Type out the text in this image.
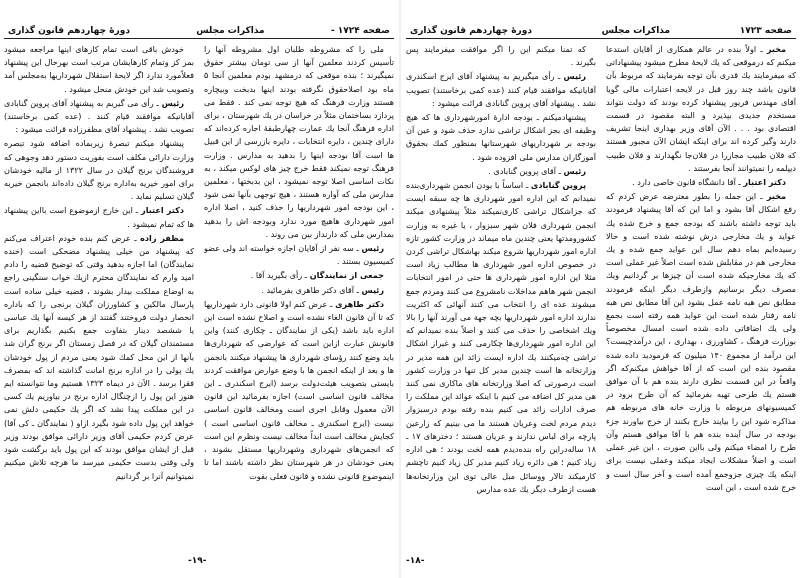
دورهٔ چهاردهم قانون گذاری	مذاکرات مجلس	صفحه ۱۷۲۴ -

ملی را که مشروطه طلبان اول مشروطه آنها را تأسیس کردند معلمین آنها از سی تومان بیشتر حقوق نمیگیرند ؛ بنده موقعی که درمشهد بودم معلمین آنجا ۵ ماه بود اصلاحقوق نگرفته بودند اینها بدبخت وبیچاره هستند وزارت فرهنگ که هیچ توجه نمی کند . فقط می پردازد بساختمان مثلاً در خراسان در یك شهرستان ، برای اداره فرهنگ آنجا یك عمارت چهارطبقهٔ اجاره کرده‌اند که دارای چندین ، دایره انتخابات ، دایره بازرسی از این قبیل ها است آقا بودجه اینها را بدهید به مدارس . وزارت فرهنگ توجه نمیکند فقط خرج چیز های لوکس میکند ، به نکات اساسی اصلا توجه نمیشود ، این بدبختها ، معلمین مدارس ملی که آواره هستند ، هیچ توجهی بآنها نمی شود ، این بودجه امور شهرداریها را حذف کنید ، اصلا اداره امور شهرداری هاهیچ مورد ندارد وبودجه اش را بدهید بمدارس ملی که دارنداز بین می روند .

رئیس ـ سه نفر از آقایان اجازه خواسته اند ولی عضو کمیسیون بستند .

جمعی از نمایندگان ـ رأی بگیرید آقا .

رئیس ـ آقای دکتر طاهری بفرمائید .

دکتر طاهری ـ عرض کنم اولا قانونی دارد شهرداریها که تا آن قانون الغاء نشده است و اصلاح نشده است این اداره باید باشد (یکی از نمایندگان ـ چکاری کنند) واین قانونش عبارت ازاین است که عوارضی که شهرداری‌ها باید وضع کنند رؤسای شهرداری ها پیشنهاد میکنند بانجمن ها و بعد از اینکه انجمن ها با وضع عوارض موافقت کردند بایستی بتصویب هیئت‌دولت برسد (ایرج اسکندری ـ این مخالف قانون اساسی است) اجازه بفرمائید این قانون الآن معمول وقابل اجری است ومخالف قانون اساسی نیست (ایرج اسکندری ـ مخالف قانون اساسی است ) کجایش مخالف است ابداً مخالف نیست ونظرم این است که انجمن‌های شهرداری وشهرداریها مستقل بشوند ، یعنی خودشان در هر شهرستان نظر داشته باشند اما تا اینموضوع قانونی نشده و قانون فعلی بقوت

خودش باقی است تمام کارهای اینها مراجعه میشود بمر کز وتمام کارهایشان مرتب است بهرحال این پیشنهاد فعلاًمورد ندارد اگر لایحهٔ استقلال شهرداریها به‌مجلس آمد وتصویب شد این خودش منحل میشود .

رئیس ـ رأی می گیریم به پیشنهاد آقای پروین گنابادی آقایانیکه موافقند قیام کنند . (عده کمی برخاستند) تصویب نشد . پیشنهاد آقای مظفرزاده قرائت میشود :

پیشنهاد میکنم تبصرهٔ زیربماده اضافه شود تبصره وزارت دارائی مکلف است بفوریت دستور دهد وجوهی که فروشندگان برنج گیلان در سال ۱۳۲۲ از مالیه خودشان برای امور خیریه به‌اداره برنج گیلان داده‌اند بانجمن خیریه گیلان تسلیم نماید .

دکتر اعتبار ـ این خارج ازموضوع است بااین پیشنهاد ها که تمام نمیشود .

مظفر زاده ـ عرض کنم بنده خودم اعتراف می‌کنم که پیشنهاد من خیلی پیشنهاد مضحکی است (خنده نمایندگان) اما اجازه بدهید وقتی که توضیح قضیه را دادم امید وارم که نمایندگان محترم ازیك خواب سنگینی راجع به اوضاع مملکت بیدار بشوند ، قضیه خیلی ساده است پارسال مالکین و کشاورزان گیلان برنجی را که باداره انحصار دولت فروختند گفتند از هر کیسه آنها یك عباسی یا ششصد دینار بتفاوت جمع بکنیم بگذاریم برای مستمندان گیلان که در فصل زمستان اگر برنج گران شد بآنها از این محل کمك شود یعنی مردم از پول خودشان یك پولی را در اداره برنج امانت گذاشته اند که بمصرف فقرا برسد . الآن در دیماه ۱۳۲۳ هستیم وما نتوانسته ایم هنوز این پول را ازچنگال اداره برنج در بیاوریم یك کسی در این مملکت پیدا نشد که اگر یك حکیمی دلش نمی خواهد این پول داده شود بگیرد ازاو ( نمایندگان ـ کی آقا) عرض کردم حکیمی آقای وزیر دارائی موافق بودند وزیر قبل از ایشان موافق بودند که این پول باید برگشت شود ولی وقتی بدست حکیمی میرسد ما هرچه تلاش میکنیم نمیتوانیم آنرا بر گردانیم

-۱۹-
دورهٔ چهاردهم قانون گذاری	مذاکرات مجلس	صفحه ۱۷۲۳

مخبر ـ اولاً بنده در عالم همکاری از آقایان استدعا میکنم که درموقعی که یك لایحهٔ مطرح میشود پیشنهاداتی که میفرمایند یك قدری بآن توجه بفرمایند که مربوط بآن قانون باشد چند روز قبل در لایحه اعتبارات مالی گویا آقای مهندس فریور پیشنهاد کرده بودند که دولت نتواند مستخدم جدیدی بپذیرد و البته مقصود در قسمت اقتصادی بود . . . الآن آقای وزیر بهداری اینجا تشریف دارند وگیر کرده اند برای اینکه ایشان الآن مجبور هستند که فلان طبیب مجازرا در فلان‌جا نگهدارند و فلان طبیب دیپلمه را نمیتوانند آنجا بفرستند .

دکتر اعتبار ـ آقا دانشگاه قانون خاصی دارد .

مخبر ـ این جمله را بطور معترضه عرض کردم که رفع اشکال آقا بشود و اما این که آقا پیشنهاد فرمودند باید توجه داشته باشند که بودجه جمع و خرج شده یك عواید و یك مخارجی درش نوشته شده است و حالا رسیده‌ایم بماه دهم سال این عواید جمع شده و یك مخارجی هم در مقابلش شده است اصلاً غیر عملی است که یك مخارجیکه شده است آن چیزها بر گردانیم ویك مصرف دیگر برسانیم وازطرف دیگر اینکه فرمودند مطابق نص هبه نامه عمل بشود این آقا مطابق نص هبه نامه رفتار شده است این عواید همه رفته است بجمع ولی یك اضافاتی داده شده است امسال مخصوصاً بوزارت فرهنگ ، کشاورزی ، بهداری ، این درآمدچیست؟ این درآمد از مجموع ۱۴۰ میلیون که فرمودید داده شده مقصود بنده این است که از آقا خواهش میکنم‌که اگر واقعاً در این قسمت نظری دارند بنده هم با آن موافق هستم یك طرحی تهیه بفرمائید که آن طرح برود در کمیسیونهای مربوطه با وزارت خانه های مربوطه هم مذاکره شود این را بیایند خارج بکنند از خرج بیاورند جزء بودجه در سال آینده بنده هم با آقا موافق هستم وآن طرح را امضاء میکنم ولی بااین صورت ، این غیر عملی است و اصلاً مشکلات ایجاد میکند وعملی نیست برای اینکه یك چیزی جزوجمع آمده است و آخر سال است و خرج شده است ، این است

که تمنا میکنم این را اگر موافقت میفرمایند پس بگیرند .

رئیس ـ رأی میگیریم به پیشنهاد آقای ایرج اسکندری آقایانیکه موافقند قیام کنند (عده کمی برخاستند) تصویب نشد . پیشنهاد آقای پروین گنابادی قرائت میشود :

پیشنهادمیکنم ـ بودجه ادارهٔ امورشهرداری ها که هیچ وظیفه ای بجز اشکال تراشی ندارد حذف شود و عین آن بودجه بر شهرداریهای شهرستانها بمنظور کمك بحقوق آموزگاران مدارس ملی افزوده شود .

رئیس ـ آقای پروین گنابادی .

پروین گنابادی ـ اساساً با بودن انجمن شهرداری‌بنده نمیدانم که این اداره امور شهرداری ها چه سبقه ایست که جزاشکال تراشی کاری‌نمیکند مثلاً پیشنهادی میکند انجمن شهرداری فلان شهر سبزوار ، یا غیره به وزارت کشورومدتها یعنی چندین ماه میماند در وزارت کشور تازه اداره امور شهرداریها شروع میکند بهاشکال تراشی کردن در خصوص اداره امور شهرداری ها مطالب زیاد است مثلا این اداره امور شهرداری ها حتی در امور انتخابات انجمن شهر هاهم مداخلات نامشروع می کنند ومردم جمع میشوند عده ای را انتخاب می کنند آنهائی که اکثریت ندارند اداره امور شهرداریها بچه جهة می آورند آنها را بالا ویك اشخاصی را حذف می کنند و اصلاً بنده نمیدانم که این اداره امور شهرداری‌ها چکارمی کنند و غیراز اشکال تراشی چه‌میکنند یك اداره ایست زائد این همه مدیر در وزارتخانه ها است چندین مدیر کل تنها در وزارت کشور است درصورتی که اصلا وزارتخانه های ماکاری نمی کنند هی مدیر کل اضافه می کنیم با اینکه عوائد این مملکت را صرف ادارات زائد می کنیم بنده رفته بودم درسبزوار دیدم مردم لخت وعریان هستند ما می بینیم که زارعین پارچه برای لباس ندارند و عریان هستند ؛ دخترهای ۱۷ ـ ۱۸ ساله‌دراین راه بنده‌دیدم همه لخت بودند ؛ هی اداره زیاد کنیم ؛ هی دائره زیاد کنیم مدیر کل زیاد کنیم تاچشم کارمیکند تالار ووسائل مبل عالی توی این وزارتخانه‌ها هست ازطرف دیگر یك عده مدارس

-۱۸-
